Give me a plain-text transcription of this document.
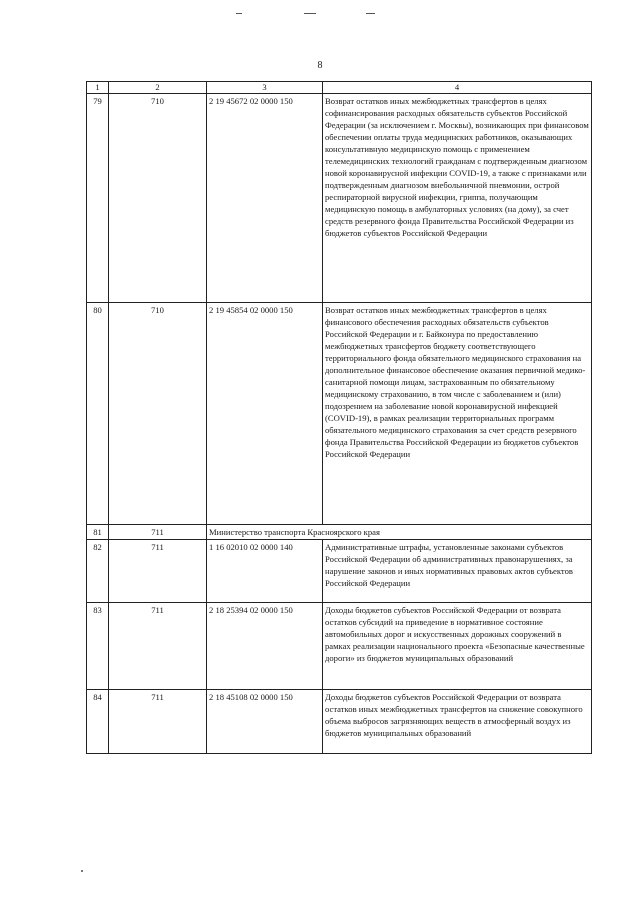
8
1	2	3	4
79	710	2 19 45672 02 0000 150	Возврат остатков иных межбюджетных трансфертов в целях софинансирования расходных обязательств субъектов Российской Федерации (за исключением г. Москвы), возникающих при финансовом обеспечении оплаты труда медицинских работников, оказывающих консультативную медицинскую помощь с применением телемедицинских технологий гражданам с подтвержденным диагнозом новой коронавирусной инфекции COVID-19, а также с признаками или подтвержденным диагнозом внебольничной пневмонии, острой респираторной вирусной инфекции, гриппа, получающим медицинскую помощь в амбулаторных условиях (на дому), за счет средств резервного фонда Правительства Российской Федерации из бюджетов субъектов Российской Федерации
80	710	2 19 45854 02 0000 150	Возврат остатков иных межбюджетных трансфертов в целях финансового обеспечения расходных обязательств субъектов Российской Федерации и г. Байконура по предоставлению межбюджетных трансфертов бюджету соответствующего территориального фонда обязательного медицинского страхования на дополнительное финансовое обеспечение оказания первичной медико-санитарной помощи лицам, застрахованным по обязательному медицинскому страхованию, в том числе с заболеванием и (или) подозрением на заболевание новой коронавирусной инфекцией (COVID-19), в рамках реализации территориальных программ обязательного медицинского страхования за счет средств резервного фонда Правительства Российской Федерации из бюджетов субъектов Российской Федерации
81	711	Министерство транспорта Красноярского края	
82	711	1 16 02010 02 0000 140	Административные штрафы, установленные законами субъектов Российской Федерации об административных правонарушениях, за нарушение законов и иных нормативных правовых актов субъектов Российской Федерации
83	711	2 18 25394 02 0000 150	Доходы бюджетов субъектов Российской Федерации от возврата остатков субсидий на приведение в нормативное состояние автомобильных дорог и искусственных дорожных сооружений в рамках реализации национального проекта «Безопасные качественные дороги» из бюджетов муниципальных образований
84	711	2 18 45108 02 0000 150	Доходы бюджетов субъектов Российской Федерации от возврата остатков иных межбюджетных трансфертов на снижение совокупного объема выбросов загрязняющих веществ в атмосферный воздух из бюджетов муниципальных образований
